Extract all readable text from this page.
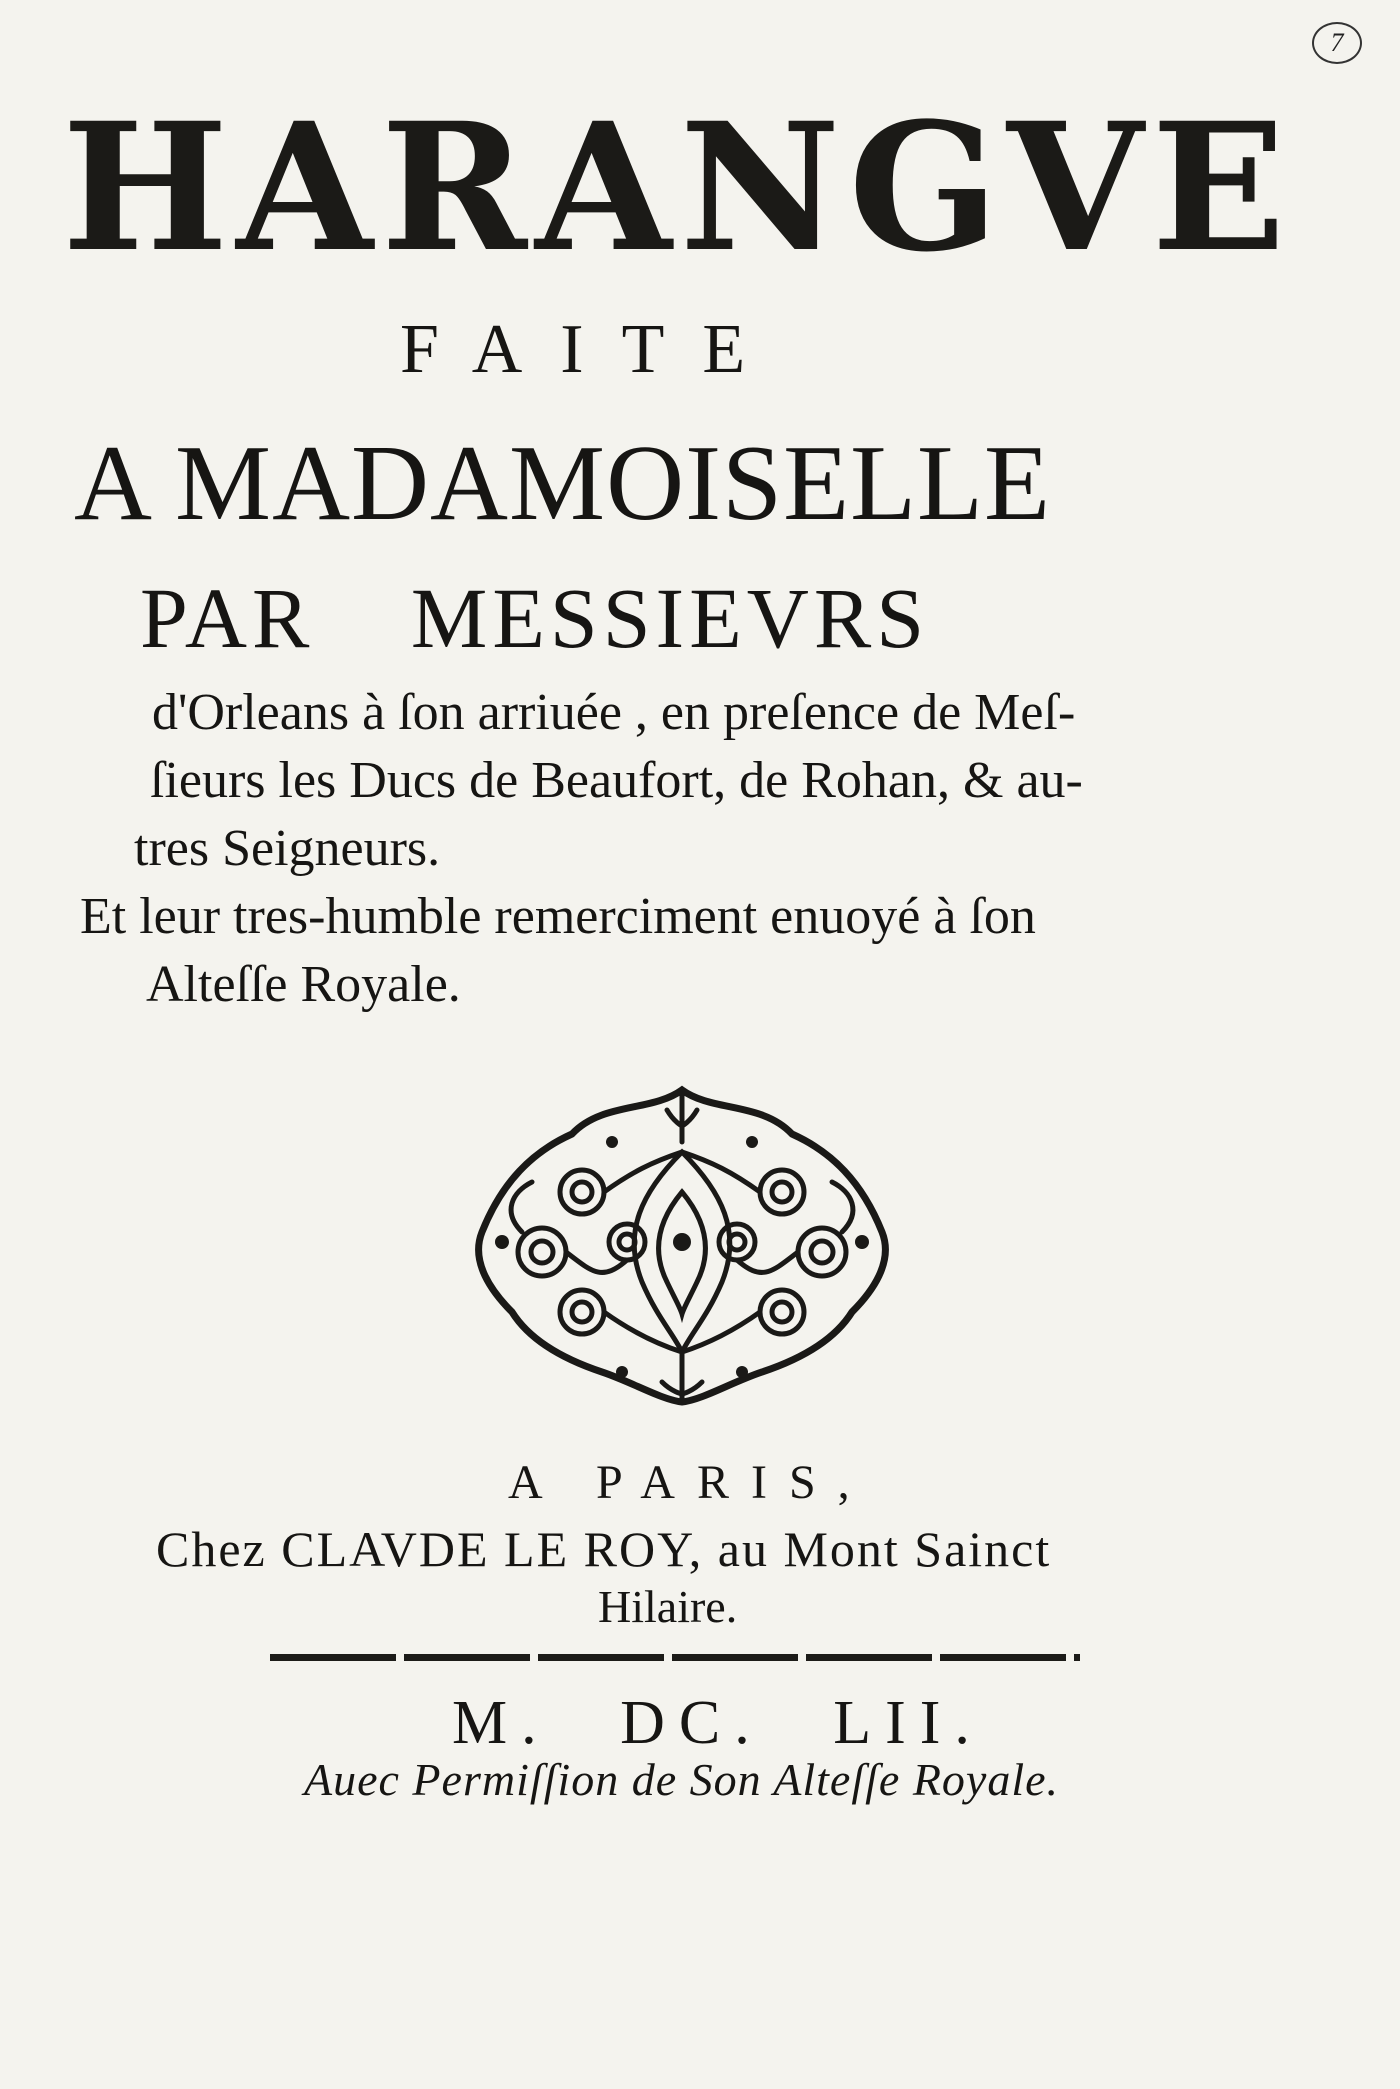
7
HARANGVE
FAITE
A MADAMOISELLE
PAR MESSIEVRS
d'Orleans à ſon arriuée , en preſence de Meſ-
ſieurs les Ducs de Beaufort, de Rohan, & au-
tres Seigneurs.
Et leur tres-humble remerciment enuoyé à ſon
Alteſſe Royale.
A PARIS,
Chez CLAVDE LE ROY, au Mont Sainct
Hilaire.
M. DC. LII.
Auec Permiſſion de Son Alteſſe Royale.
